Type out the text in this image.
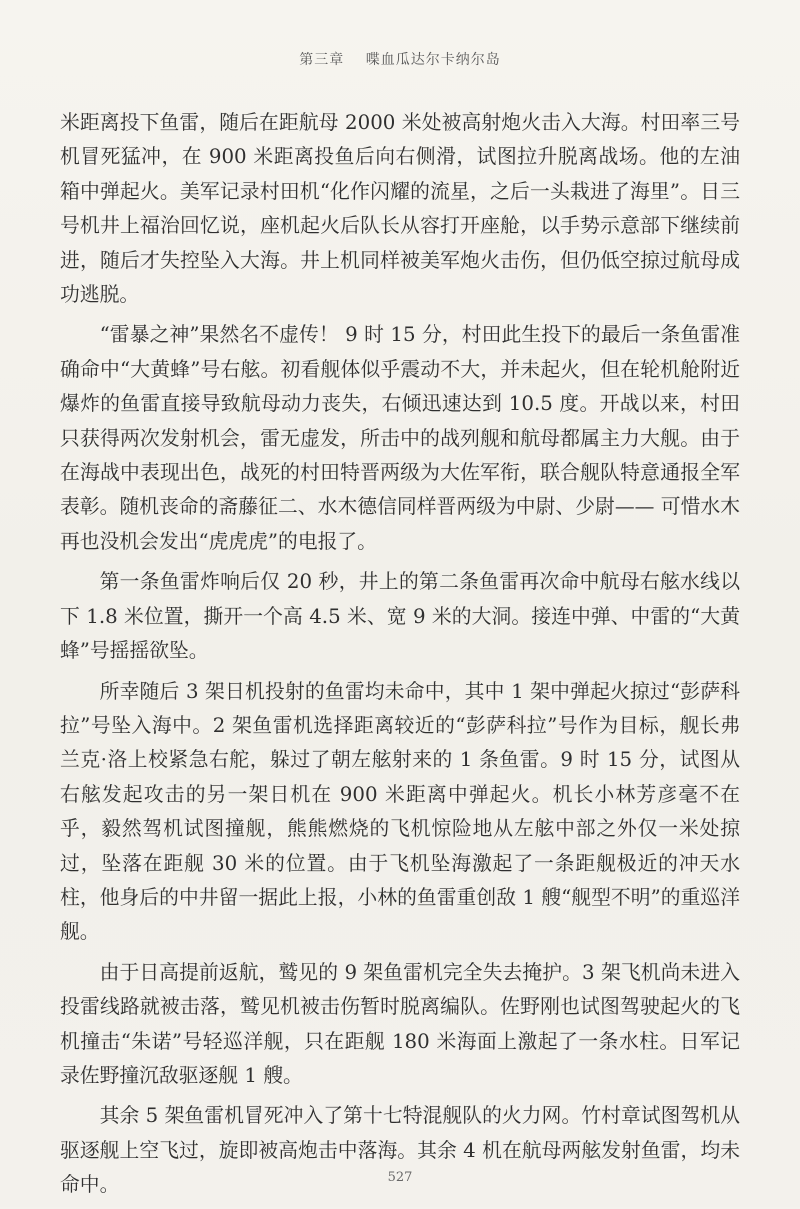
第三章 喋血瓜达尔卡纳尔岛

米距离投下鱼雷，随后在距航母 2000 米处被高射炮火击入大海。村田率三号机冒死猛冲，在 900 米距离投鱼后向右侧滑，试图拉升脱离战场。他的左油箱中弹起火。美军记录村田机“化作闪耀的流星，之后一头栽进了海里”。日三号机井上福治回忆说，座机起火后队长从容打开座舱，以手势示意部下继续前进，随后才失控坠入大海。井上机同样被美军炮火击伤，但仍低空掠过航母成功逃脱。

“雷暴之神”果然名不虚传！ 9 时 15 分，村田此生投下的最后一条鱼雷准确命中“大黄蜂”号右舷。初看舰体似乎震动不大，并未起火，但在轮机舱附近爆炸的鱼雷直接导致航母动力丧失，右倾迅速达到 10.5 度。开战以来，村田只获得两次发射机会，雷无虚发，所击中的战列舰和航母都属主力大舰。由于在海战中表现出色，战死的村田特晋两级为大佐军衔，联合舰队特意通报全军表彰。随机丧命的斋藤征二、水木德信同样晋两级为中尉、少尉—— 可惜水木再也没机会发出“虎虎虎”的电报了。

第一条鱼雷炸响后仅 20 秒，井上的第二条鱼雷再次命中航母右舷水线以下 1.8 米位置，撕开一个高 4.5 米、宽 9 米的大洞。接连中弹、中雷的“大黄蜂”号摇摇欲坠。

所幸随后 3 架日机投射的鱼雷均未命中，其中 1 架中弹起火掠过“彭萨科拉”号坠入海中。2 架鱼雷机选择距离较近的“彭萨科拉”号作为目标，舰长弗兰克·洛上校紧急右舵，躲过了朝左舷射来的 1 条鱼雷。9 时 15 分，试图从右舷发起攻击的另一架日机在 900 米距离中弹起火。机长小林芳彦毫不在乎，毅然驾机试图撞舰，熊熊燃烧的飞机惊险地从左舷中部之外仅一米处掠过，坠落在距舰 30 米的位置。由于飞机坠海激起了一条距舰极近的冲天水柱，他身后的中井留一据此上报，小林的鱼雷重创敌 1 艘“舰型不明”的重巡洋舰。

由于日高提前返航，鹫见的 9 架鱼雷机完全失去掩护。3 架飞机尚未进入投雷线路就被击落，鹫见机被击伤暂时脱离编队。佐野刚也试图驾驶起火的飞机撞击“朱诺”号轻巡洋舰，只在距舰 180 米海面上激起了一条水柱。日军记录佐野撞沉敌驱逐舰 1 艘。

其余 5 架鱼雷机冒死冲入了第十七特混舰队的火力网。竹村章试图驾机从驱逐舰上空飞过，旋即被高炮击中落海。其余 4 机在航母两舷发射鱼雷，均未命中。	527
